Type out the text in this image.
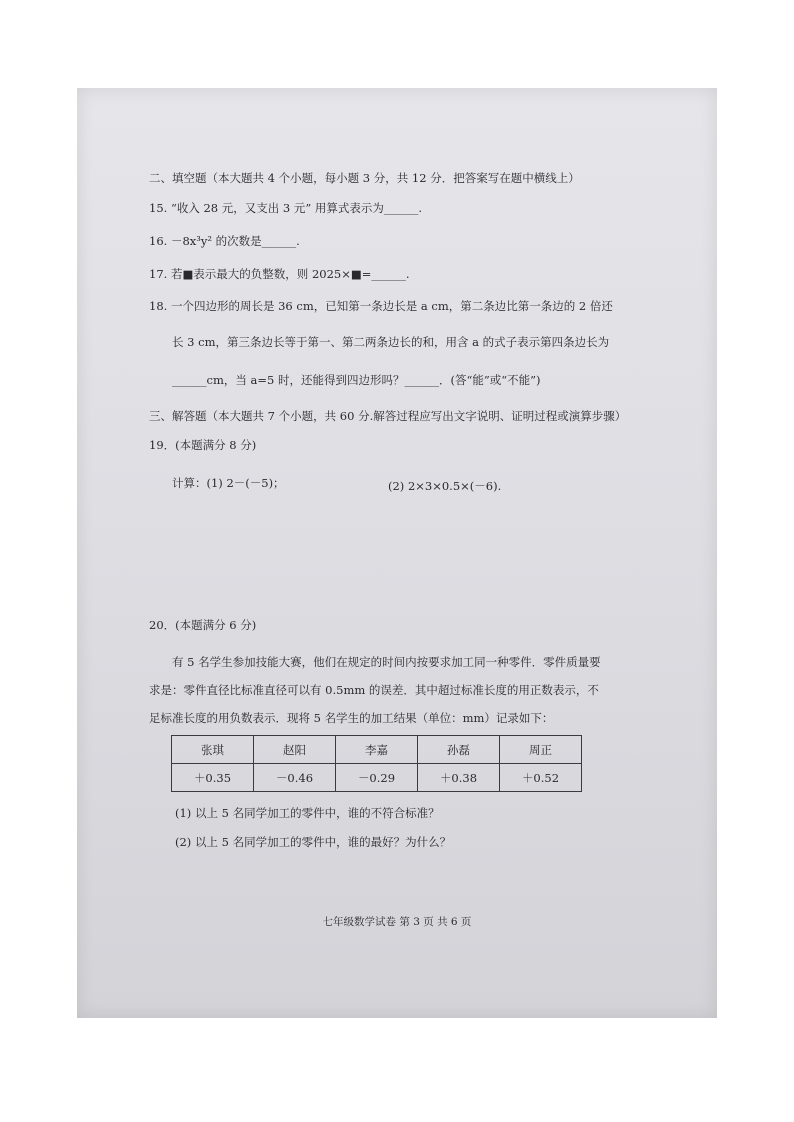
二、填空题（本大题共 4 个小题，每小题 3 分，共 12 分．把答案写在题中横线上）
15. “收入 28 元，又支出 3 元” 用算式表示为______.
16. －8x³y² 的次数是______.
17. 若■表示最大的负整数，则 2025×■=______.
18. 一个四边形的周长是 36 cm，已知第一条边长是 a cm，第二条边比第一条边的 2 倍还
长 3 cm，第三条边长等于第一、第二两条边长的和，用含 a 的式子表示第四条边长为
______cm，当 a=5 时，还能得到四边形吗？______．(答“能”或“不能”)
三、解答题（本大题共 7 个小题，共 60 分.解答过程应写出文字说明、证明过程或演算步骤）
19．(本题满分 8 分)
计算：(1) 2－(－5)；	(2) 2×3×0.5×(－6).
20．(本题满分 6 分)
有 5 名学生参加技能大赛，他们在规定的时间内按要求加工同一种零件．零件质量要
求是：零件直径比标准直径可以有 0.5mm 的误差．其中超过标准长度的用正数表示，不
足标准长度的用负数表示．现将 5 名学生的加工结果（单位：mm）记录如下：
张琪	赵阳	李嘉	孙磊	周正
＋0.35	－0.46	－0.29	＋0.38	＋0.52
(1) 以上 5 名同学加工的零件中，谁的不符合标准？
(2) 以上 5 名同学加工的零件中，谁的最好？为什么？
七年级数学试卷 第 3 页 共 6 页
